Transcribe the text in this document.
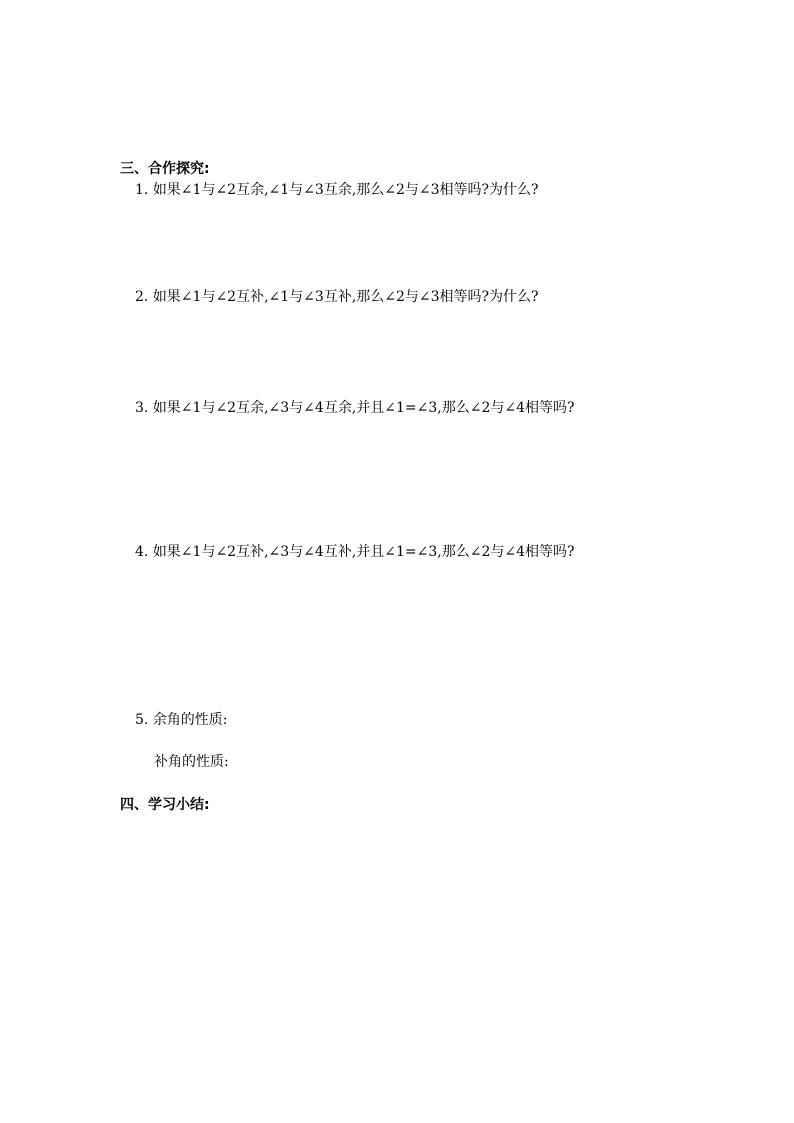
三、合作探究:
1. 如果∠1与∠2互余,∠1与∠3互余,那么∠2与∠3相等吗?为什么?
2. 如果∠1与∠2互补,∠1与∠3互补,那么∠2与∠3相等吗?为什么?
3. 如果∠1与∠2互余,∠3与∠4互余,并且∠1=∠3,那么∠2与∠4相等吗?
4. 如果∠1与∠2互补,∠3与∠4互补,并且∠1=∠3,那么∠2与∠4相等吗?
5. 余角的性质:
补角的性质:
四、学习小结:
